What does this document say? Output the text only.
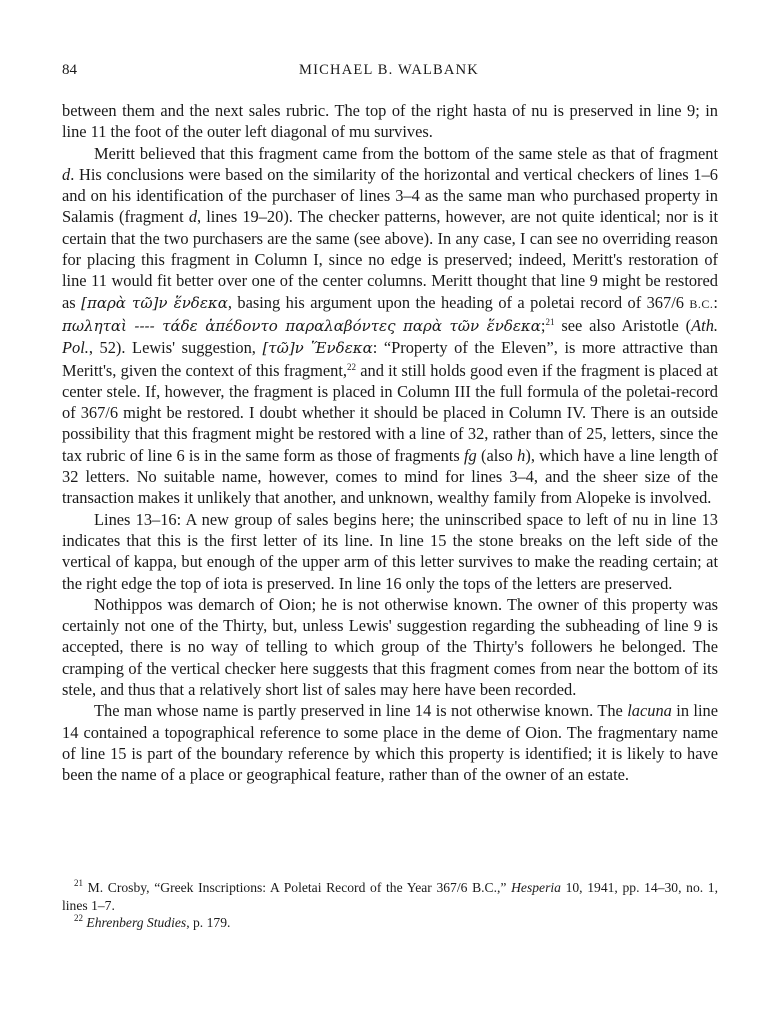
84	MICHAEL B. WALBANK

between them and the next sales rubric. The top of the right hasta of nu is preserved in line 9; in line 11 the foot of the outer left diagonal of mu survives.

Meritt believed that this fragment came from the bottom of the same stele as that of fragment d. His conclusions were based on the similarity of the horizontal and vertical checkers of lines 1–6 and on his identification of the purchaser of lines 3–4 as the same man who purchased property in Salamis (fragment d, lines 19–20). The checker patterns, however, are not quite identical; nor is it certain that the two purchasers are the same (see above). In any case, I can see no overriding reason for placing this fragment in Column I, since no edge is preserved; indeed, Meritt's restoration of line 11 would fit better over one of the center columns. Meritt thought that line 9 might be restored as [παρὰ τῶ]ν ἕνδεκα, basing his argument upon the heading of a poletai record of 367/6 B.C.: πωληταὶ ---- τάδε ἀπέδοντο παραλαβόντες παρὰ τῶν ἕνδεκα;$^{21}$ see also Aristotle (Ath. Pol., 52). Lewis' suggestion, [τῶ]ν Ἕνδεκα: “Property of the Eleven”, is more attractive than Meritt's, given the context of this fragment,$^{22}$ and it still holds good even if the fragment is placed at center stele. If, however, the fragment is placed in Column III the full formula of the poletai-record of 367/6 might be restored. I doubt whether it should be placed in Column IV. There is an outside possibility that this fragment might be restored with a line of 32, rather than of 25, letters, since the tax rubric of line 6 is in the same form as those of fragments fg (also h), which have a line length of 32 letters. No suitable name, however, comes to mind for lines 3–4, and the sheer size of the transaction makes it unlikely that another, and unknown, wealthy family from Alopeke is involved.

Lines 13–16: A new group of sales begins here; the uninscribed space to left of nu in line 13 indicates that this is the first letter of its line. In line 15 the stone breaks on the left side of the vertical of kappa, but enough of the upper arm of this letter survives to make the reading certain; at the right edge the top of iota is preserved. In line 16 only the tops of the letters are preserved.

Nothippos was demarch of Oion; he is not otherwise known. The owner of this property was certainly not one of the Thirty, but, unless Lewis' suggestion regarding the subheading of line 9 is accepted, there is no way of telling to which group of the Thirty's followers he belonged. The cramping of the vertical checker here suggests that this fragment comes from near the bottom of its stele, and thus that a relatively short list of sales may here have been recorded.

The man whose name is partly preserved in line 14 is not otherwise known. The lacuna in line 14 contained a topographical reference to some place in the deme of Oion. The fragmentary name of line 15 is part of the boundary reference by which this property is identified; it is likely to have been the name of a place or geographical feature, rather than of the owner of an estate.

$^{21}$ M. Crosby, “Greek Inscriptions: A Poletai Record of the Year 367/6 B.C.,” Hesperia 10, 1941, pp. 14–30, no. 1, lines 1–7.

$^{22}$ Ehrenberg Studies, p. 179.
